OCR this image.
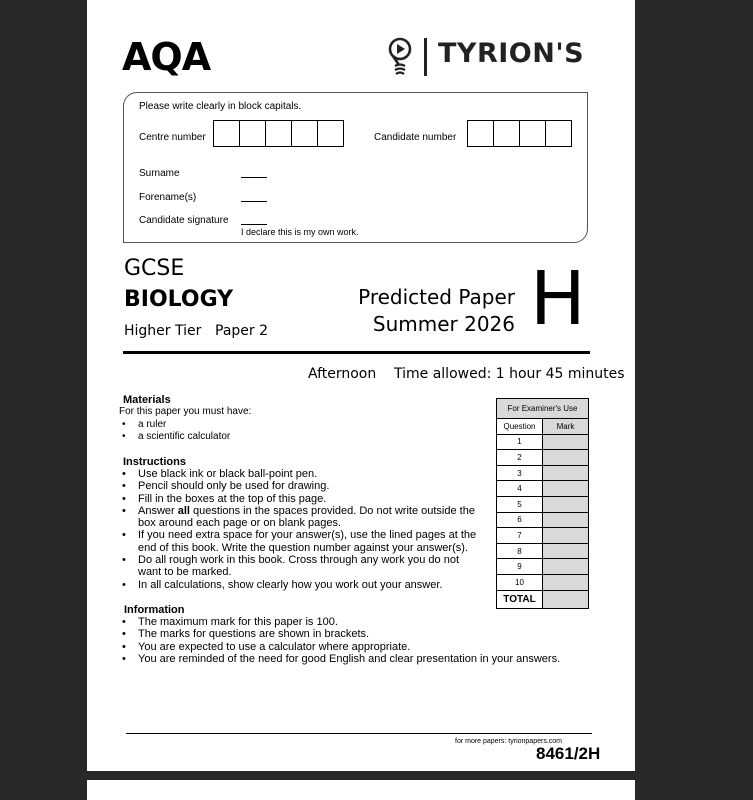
AQA	TYRION'S
Please write clearly in block capitals.
Centre number	Candidate number
Surname
Forename(s)
Candidate signature
I declare this is my own work.
GCSE
BIOLOGY
Higher Tier Paper 2
Predicted Paper
Summer 2026 H
Afternoon Time allowed: 1 hour 45 minutes
Materials
For this paper you must have:
• a ruler
• a scientific calculator
Instructions
• Use black ink or black ball-point pen.
• Pencil should only be used for drawing.
• Fill in the boxes at the top of this page.
• Answer all questions in the spaces provided. Do not write outside the box around each page or on blank pages.
• If you need extra space for your answer(s), use the lined pages at the end of this book. Write the question number against your answer(s).
• Do all rough work in this book. Cross through any work you do not want to be marked.
• In all calculations, show clearly how you work out your answer.
Information
• The maximum mark for this paper is 100.
• The marks for questions are shown in brackets.
• You are expected to use a calculator where appropriate.
• You are reminded of the need for good English and clear presentation in your answers.
For Examiner's Use	
Question	Mark
1	
2	
3	
4	
5	
6	
7	
8	
9	
10	
TOTAL	
for more papers: tyrionpapers.com
8461/2H
